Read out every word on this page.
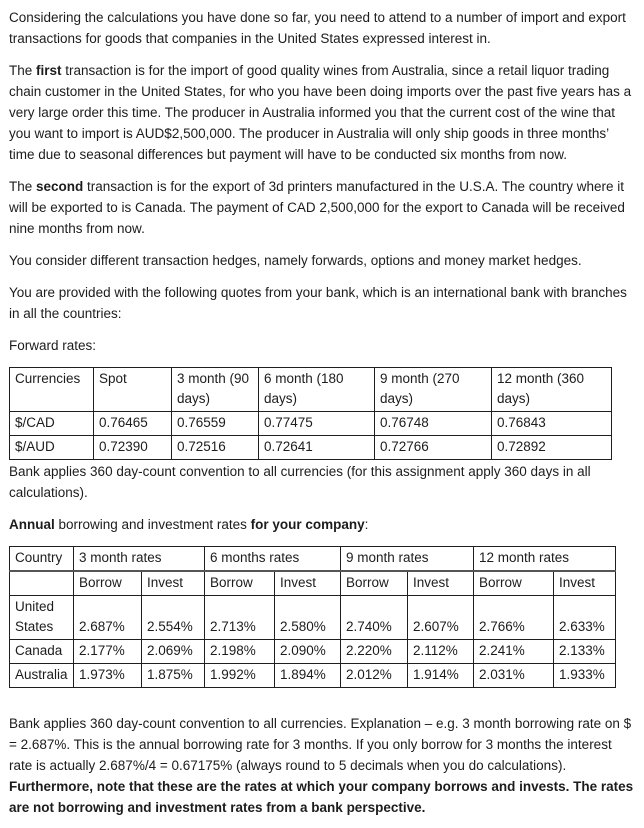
Considering the calculations you have done so far, you need to attend to a number of import and export transactions for goods that companies in the United States expressed interest in.

The first transaction is for the import of good quality wines from Australia, since a retail liquor trading chain customer in the United States, for who you have been doing imports over the past five years has a very large order this time. The producer in Australia informed you that the current cost of the wine that you want to import is AUD$2,500,000. The producer in Australia will only ship goods in three months’ time due to seasonal differences but payment will have to be conducted six months from now.

The second transaction is for the export of 3d printers manufactured in the U.S.A. The country where it will be exported to is Canada. The payment of CAD 2,500,000 for the export to Canada will be received nine months from now.

You consider different transaction hedges, namely forwards, options and money market hedges.

You are provided with the following quotes from your bank, which is an international bank with branches in all the countries:

Forward rates:

Currencies	Spot	3 month (90 days)	6 month (180 days)	9 month (270 days)	12 month (360 days)
$/CAD	0.76465	0.76559	0.77475	0.76748	0.76843
$/AUD	0.72390	0.72516	0.72641	0.72766	0.72892

Bank applies 360 day-count convention to all currencies (for this assignment apply 360 days in all calculations).

Annual borrowing and investment rates for your company:

Country	3 month rates		6 months rates		9 month rates		12 month rates	
	Borrow	Invest	Borrow	Invest	Borrow	Invest	Borrow	Invest
United States	2.687%	2.554%	2.713%	2.580%	2.740%	2.607%	2.766%	2.633%
Canada	2.177%	2.069%	2.198%	2.090%	2.220%	2.112%	2.241%	2.133%
Australia	1.973%	1.875%	1.992%	1.894%	2.012%	1.914%	2.031%	1.933%

Bank applies 360 day-count convention to all currencies. Explanation – e.g. 3 month borrowing rate on $ = 2.687%. This is the annual borrowing rate for 3 months. If you only borrow for 3 months the interest rate is actually 2.687%/4 = 0.67175% (always round to 5 decimals when you do calculations).

Furthermore, note that these are the rates at which your company borrows and invests. The rates are not borrowing and investment rates from a bank perspective.
